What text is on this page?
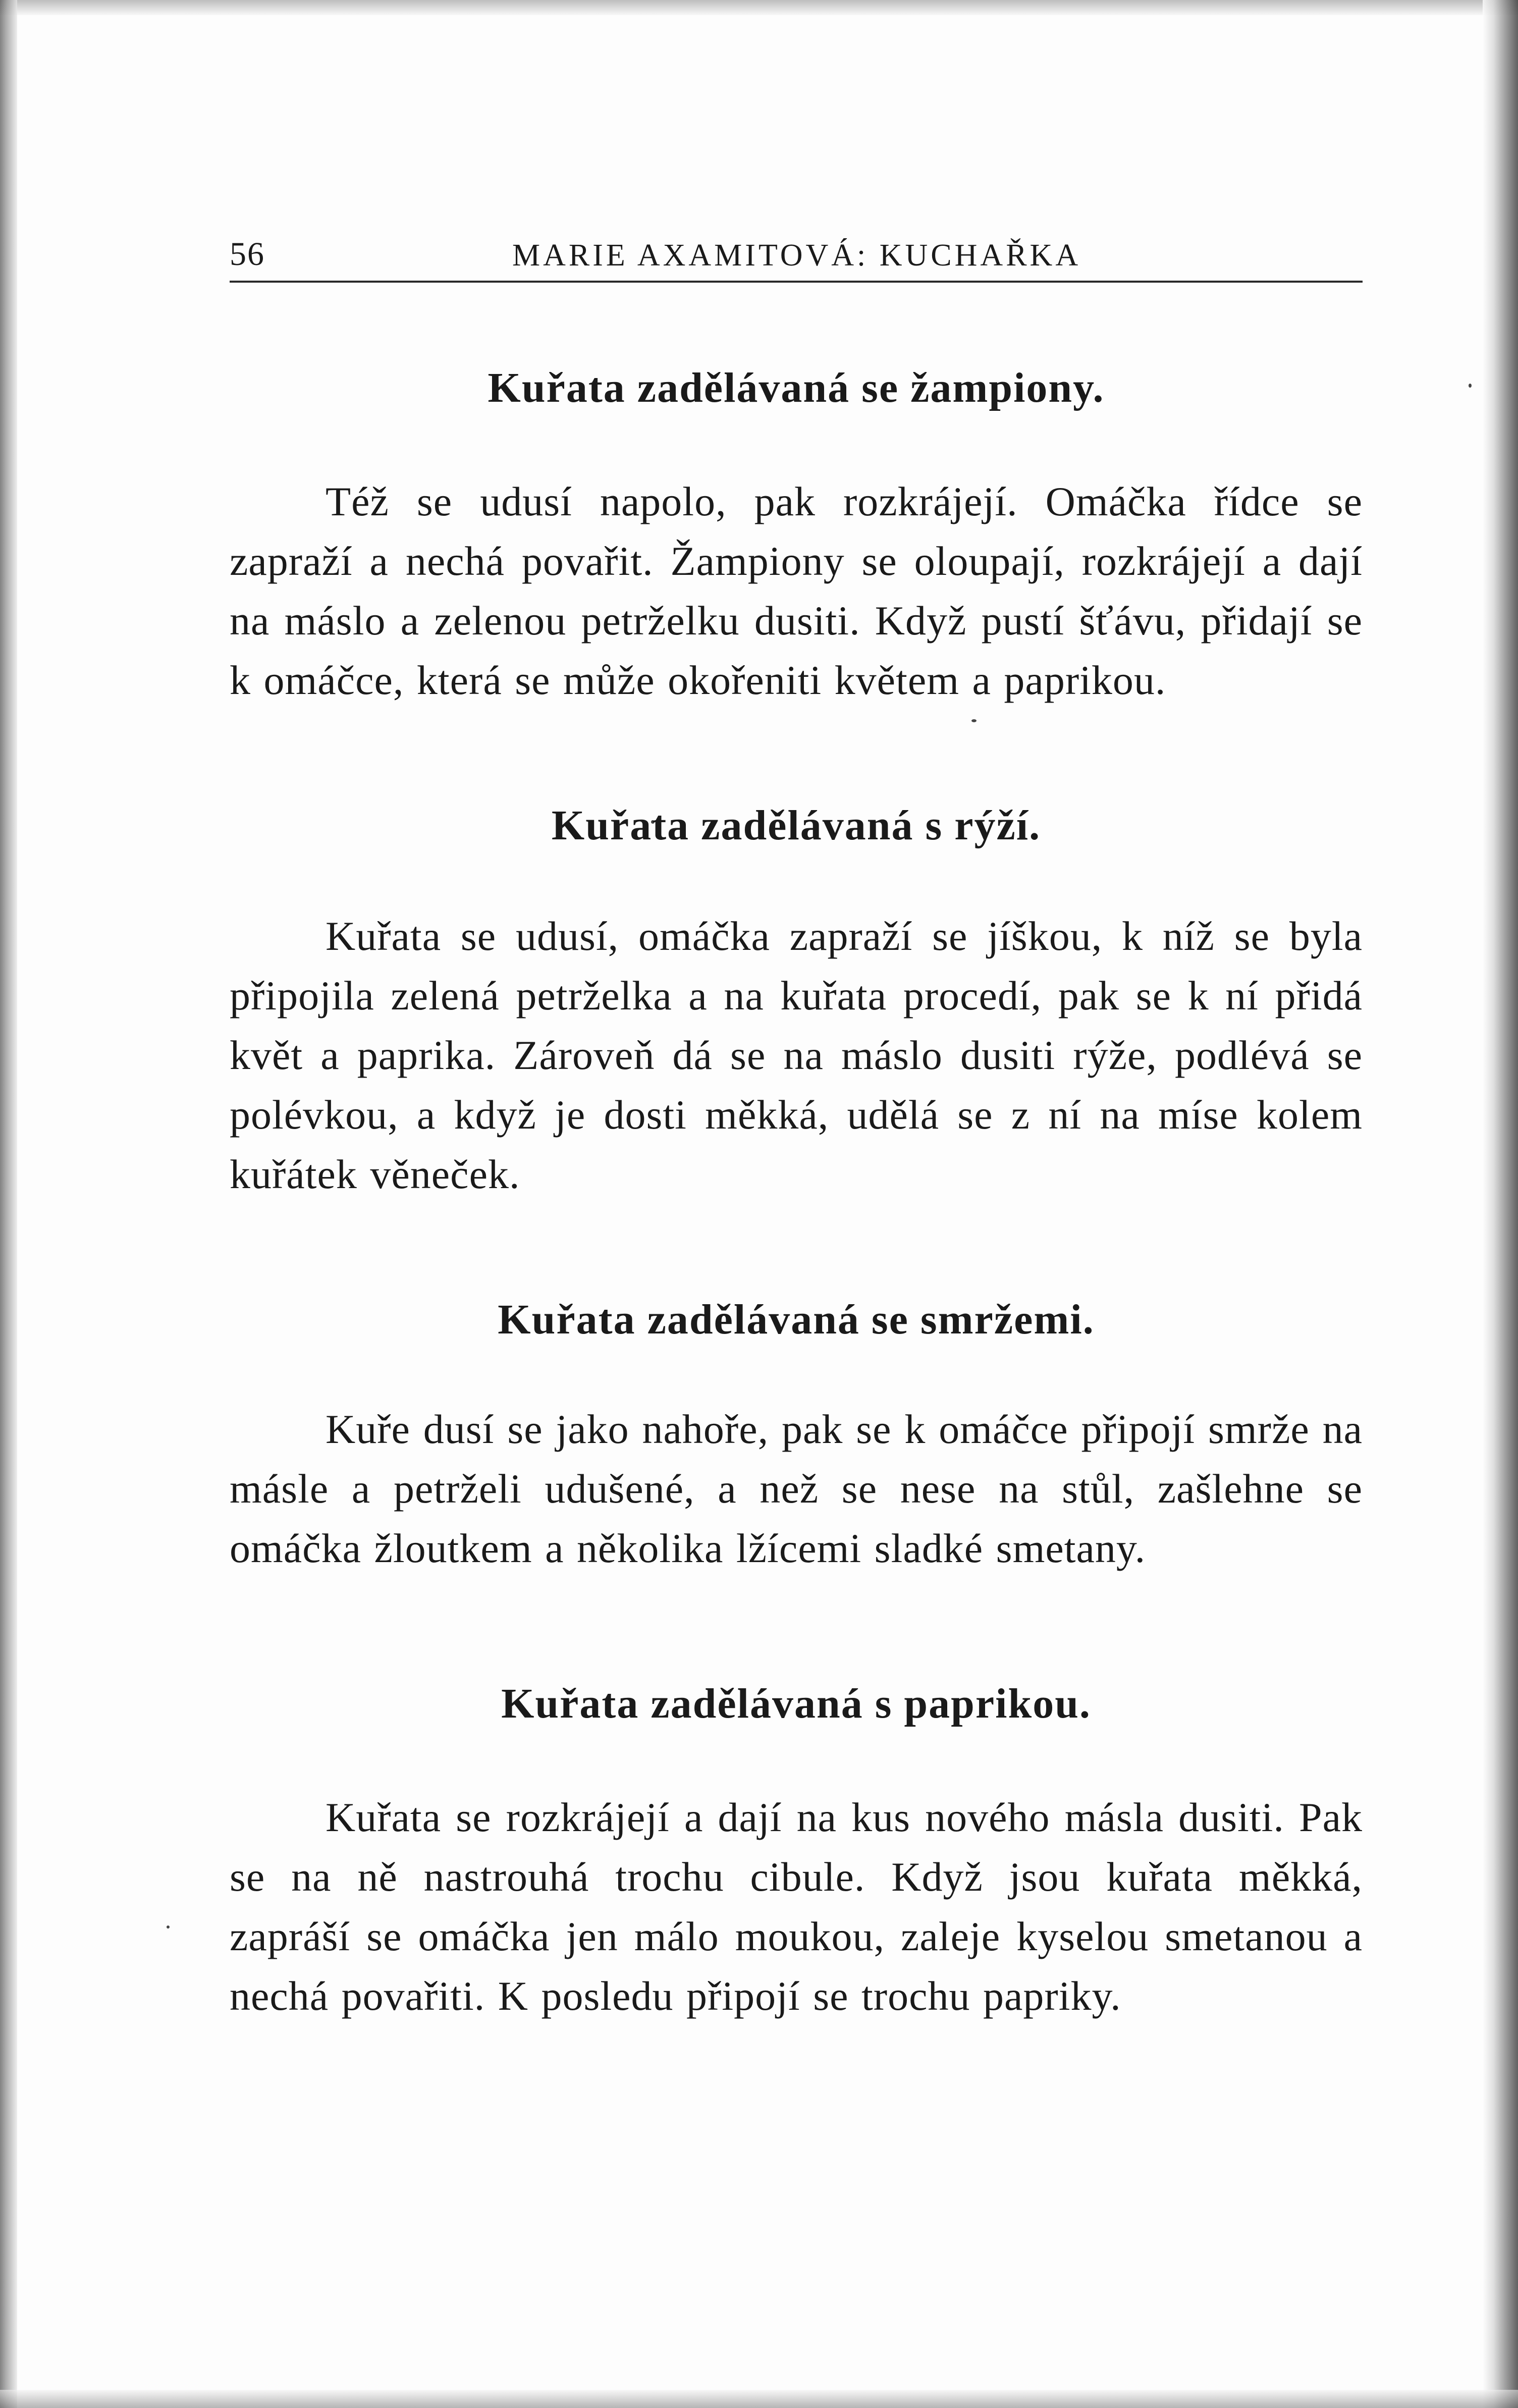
56	MARIE AXAMITOVÁ: KUCHAŘKA
Kuřata zadělávaná se žampiony.

Též se udusí napolo, pak rozkrájejí. Omáčka řídce se zapraží a nechá povařit. Žampiony se oloupají, rozkrájejí a dají na máslo a zelenou petrželku dusiti. Když pustí šťávu, přidají se k omáčce, která se může okořeniti květem a paprikou.

Kuřata zadělávaná s rýží.

Kuřata se udusí, omáčka zapraží se jíškou, k níž se byla připojila zelená petrželka a na kuřata procedí, pak se k ní přidá květ a paprika. Zároveň dá se na máslo dusiti rýže, podlévá se polévkou, a když je dosti měkká, udělá se z ní na míse kolem kuřátek věneček.

Kuřata zadělávaná se smržemi.

Kuře dusí se jako nahoře, pak se k omáčce připojí smrže na másle a petrželi udušené, a než se nese na stůl, zašlehne se omáčka žloutkem a několika lžícemi sladké smetany.

Kuřata zadělávaná s paprikou.

Kuřata se rozkrájejí a dají na kus nového másla dusiti. Pak se na ně nastrouhá trochu cibule. Když jsou kuřata měkká, zapráší se omáčka jen málo moukou, zaleje kyselou smetanou a nechá povařiti. K posledu připojí se trochu papriky.
